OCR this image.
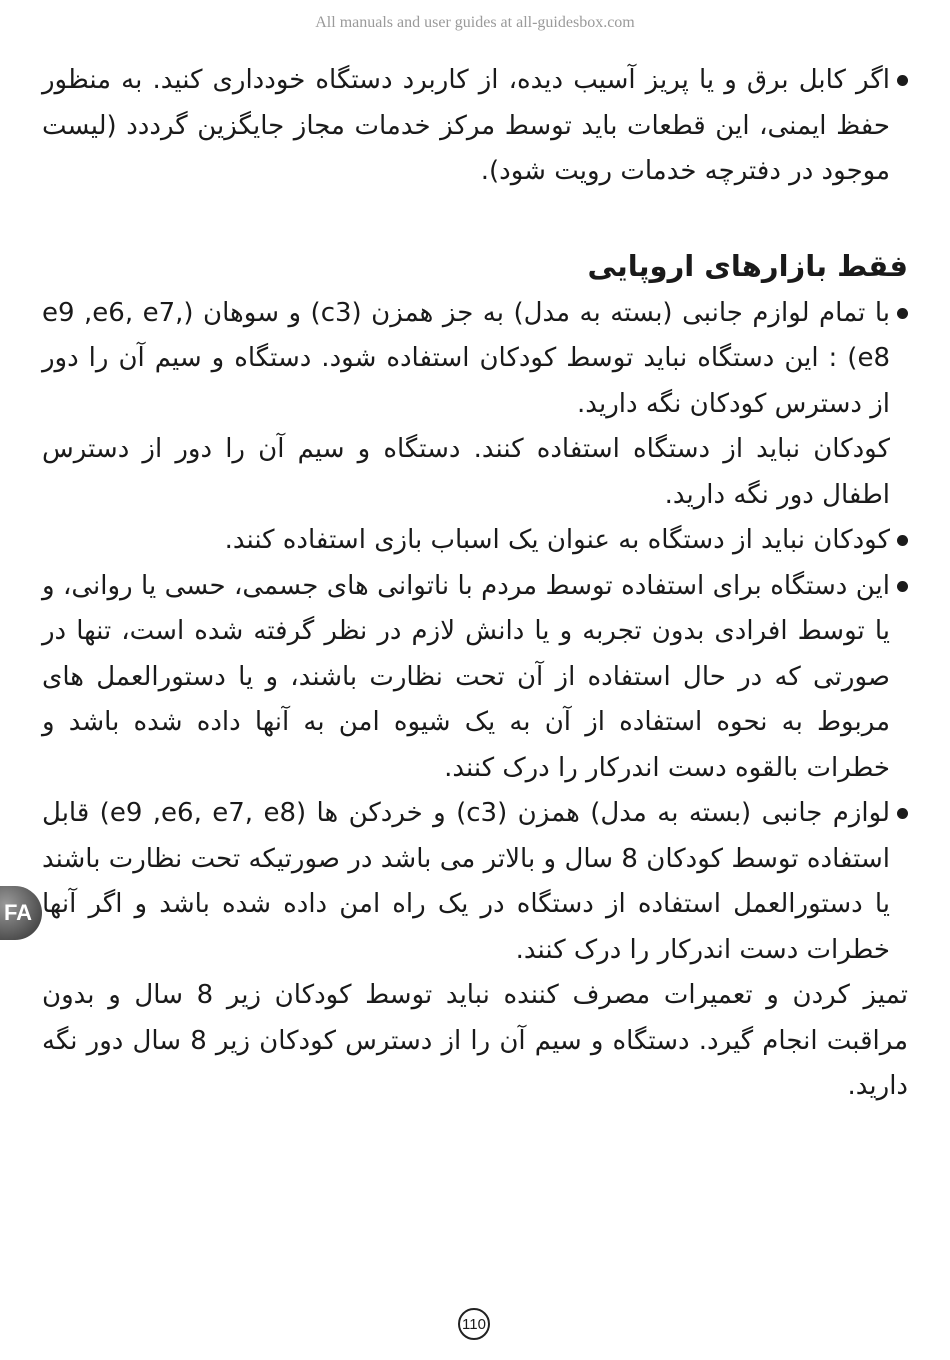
All manuals and user guides at all-guidesbox.com

اگر کابل برق و یا پریز آسیب دیده، از کاربرد دستگاه خودداری کنید. به منظور حفظ ایمنی، این قطعات باید توسط مرکز خدمات مجاز جایگزین گرددد (لیست موجود در دفترچه خدمات رویت شود).

فقط بازارهای اروپایی

با تمام لوازم جانبی (بسته به مدل) به جز همزن (c3) و سوهان (e9 ,e6, e7, e8) : این دستگاه نباید توسط کودکان استفاده شود. دستگاه و سیم آن را دور از دسترس کودکان نگه دارید.

کودکان نباید از دستگاه استفاده کنند. دستگاه و سیم آن را دور از دسترس اطفال دور نگه دارید.

کودکان نباید از دستگاه به عنوان یک اسباب بازی استفاده کنند.

این دستگاه برای استفاده توسط مردم با ناتوانی های جسمی، حسی یا روانی، و یا توسط افرادی بدون تجربه و یا دانش لازم در نظر گرفته شده است، تنها در صورتی که در حال استفاده از آن تحت نظارت باشند، و یا دستورالعمل های مربوط به نحوه استفاده از آن به یک شیوه امن به آنها داده شده باشد و خطرات بالقوه دست اندرکار را درک کنند.

لوازم جانبی (بسته به مدل) همزن (c3) و خردکن ها (e9 ,e6, e7, e8) قابل استفاده توسط کودکان 8 سال و بالاتر می باشد در صورتیکه تحت نظارت باشند یا دستورالعمل استفاده از دستگاه در یک راه امن داده شده باشد و اگر آنها خطرات دست اندرکار را درک کنند.

تمیز کردن و تعمیرات مصرف کننده نباید توسط کودکان زیر 8 سال و بدون مراقبت انجام گیرد. دستگاه و سیم آن را از دسترس کودکان زیر 8 سال دور نگه دارید.

FA
110
